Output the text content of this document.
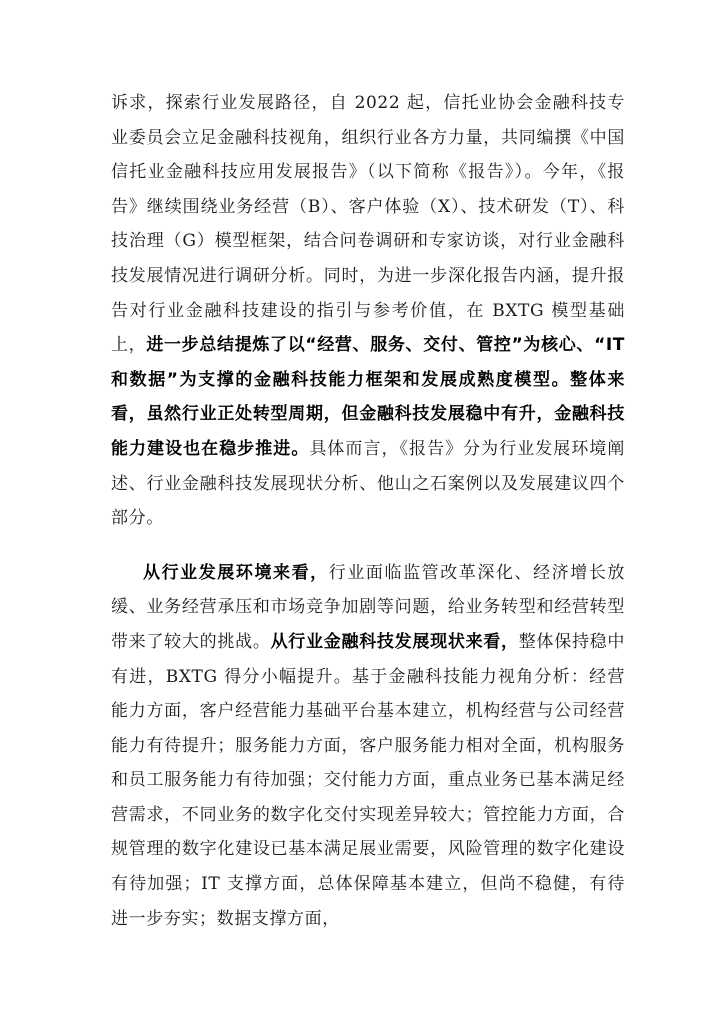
诉求，探索行业发展路径，自 2022 起，信托业协会金融科技专业委员会立足金融科技视角，组织行业各方力量，共同编撰《中国信托业金融科技应用发展报告》（以下简称《报告》）。今年，《报告》继续围绕业务经营（B）、客户体验（X）、技术研发（T）、科技治理（G）模型框架，结合问卷调研和专家访谈，对行业金融科技发展情况进行调研分析。同时，为进一步深化报告内涵，提升报告对行业金融科技建设的指引与参考价值，在 BXTG 模型基础上，进一步总结提炼了以“经营、服务、交付、管控”为核心、“IT和数据”为支撑的金融科技能力框架和发展成熟度模型。整体来看，虽然行业正处转型周期，但金融科技发展稳中有升，金融科技能力建设也在稳步推进。具体而言，《报告》分为行业发展环境阐述、行业金融科技发展现状分析、他山之石案例以及发展建议四个部分。

从行业发展环境来看，行业面临监管改革深化、经济增长放缓、业务经营承压和市场竞争加剧等问题，给业务转型和经营转型带来了较大的挑战。从行业金融科技发展现状来看，整体保持稳中有进，BXTG 得分小幅提升。基于金融科技能力视角分析：经营能力方面，客户经营能力基础平台基本建立，机构经营与公司经营能力有待提升；服务能力方面，客户服务能力相对全面，机构服务和员工服务能力有待加强；交付能力方面，重点业务已基本满足经营需求，不同业务的数字化交付实现差异较大；管控能力方面，合规管理的数字化建设已基本满足展业需要，风险管理的数字化建设有待加强；IT 支撑方面，总体保障基本建立，但尚不稳健，有待进一步夯实；数据支撑方面，
